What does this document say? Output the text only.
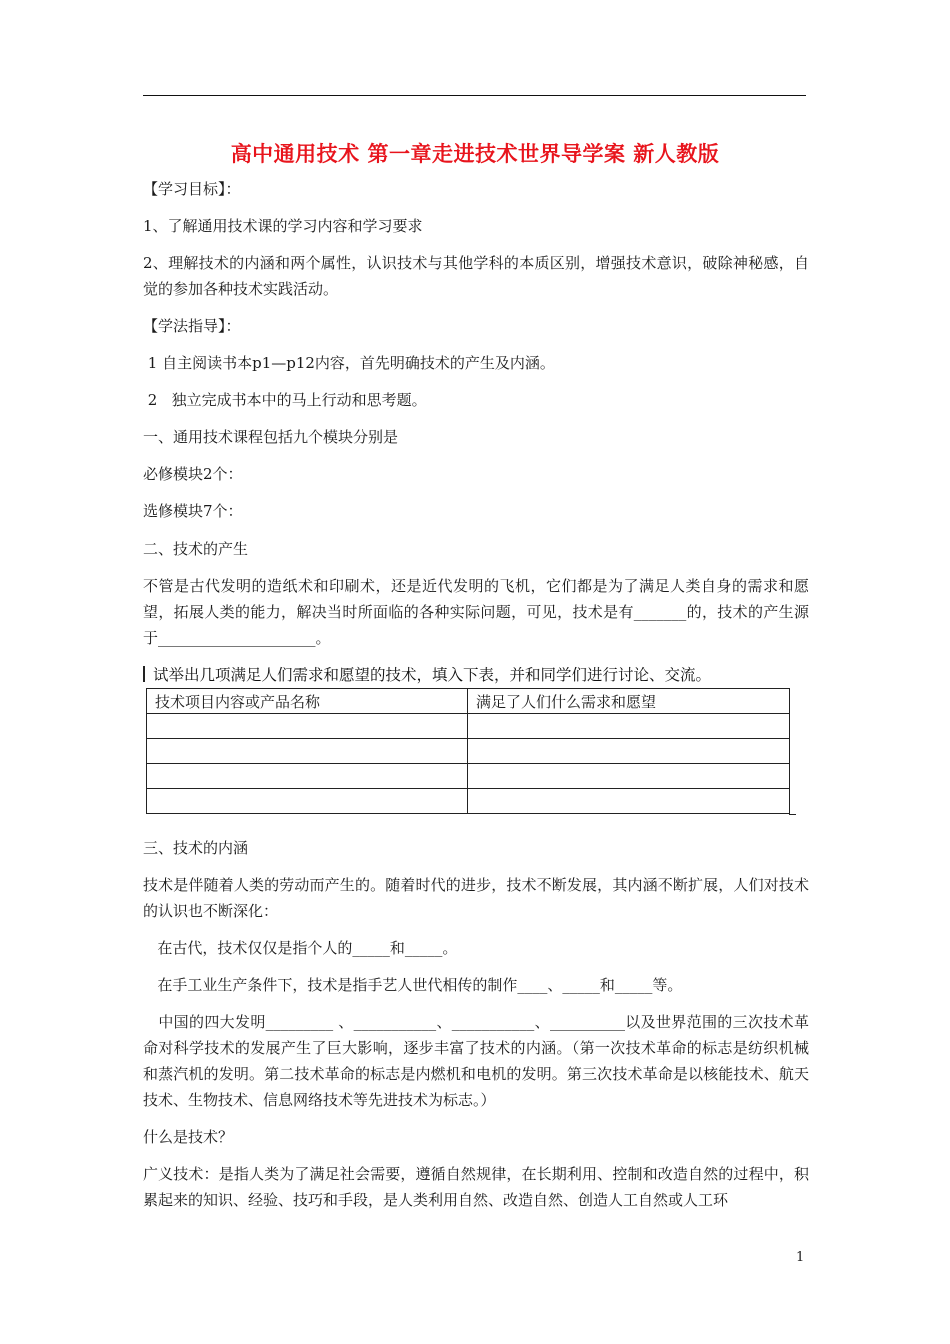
高中通用技术 第一章走进技术世界导学案 新人教版
【学习目标】：
1、了解通用技术课的学习内容和学习要求
2、理解技术的内涵和两个属性，认识技术与其他学科的本质区别，增强技术意识，破除神秘感，自觉的参加各种技术实践活动。
【学法指导】：
1 自主阅读书本p1—p12内容，首先明确技术的产生及内涵。
2   独立完成书本中的马上行动和思考题。
一、通用技术课程包括九个模块分别是
必修模块2个：
选修模块7个：
二、技术的产生
不管是古代发明的造纸术和印刷术，还是近代发明的飞机，它们都是为了满足人类自身的需求和愿望，拓展人类的能力，解决当时所面临的各种实际问题，可见，技术是有_______的，技术的产生源于_____________________。
试举出几项满足人们需求和愿望的技术，填入下表，并和同学们进行讨论、交流。
技术项目内容或产品名称	满足了人们什么需求和愿望

三、技术的内涵
技术是伴随着人类的劳动而产生的。随着时代的进步，技术不断发展，其内涵不断扩展，人们对技术的认识也不断深化：
在古代，技术仅仅是指个人的_____和_____。
在手工业生产条件下，技术是指手艺人世代相传的制作____、_____和_____等。
中国的四大发明_________ 、___________、___________、__________以及世界范围的三次技术革命对科学技术的发展产生了巨大影响，逐步丰富了技术的内涵。（第一次技术革命的标志是纺织机械和蒸汽机的发明。第二技术革命的标志是内燃机和电机的发明。第三次技术革命是以核能技术、航天技术、生物技术、信息网络技术等先进技术为标志。）
什么是技术？
广义技术：是指人类为了满足社会需要，遵循自然规律，在长期利用、控制和改造自然的过程中，积累起来的知识、经验、技巧和手段，是人类利用自然、改造自然、创造人工自然或人工环
1
